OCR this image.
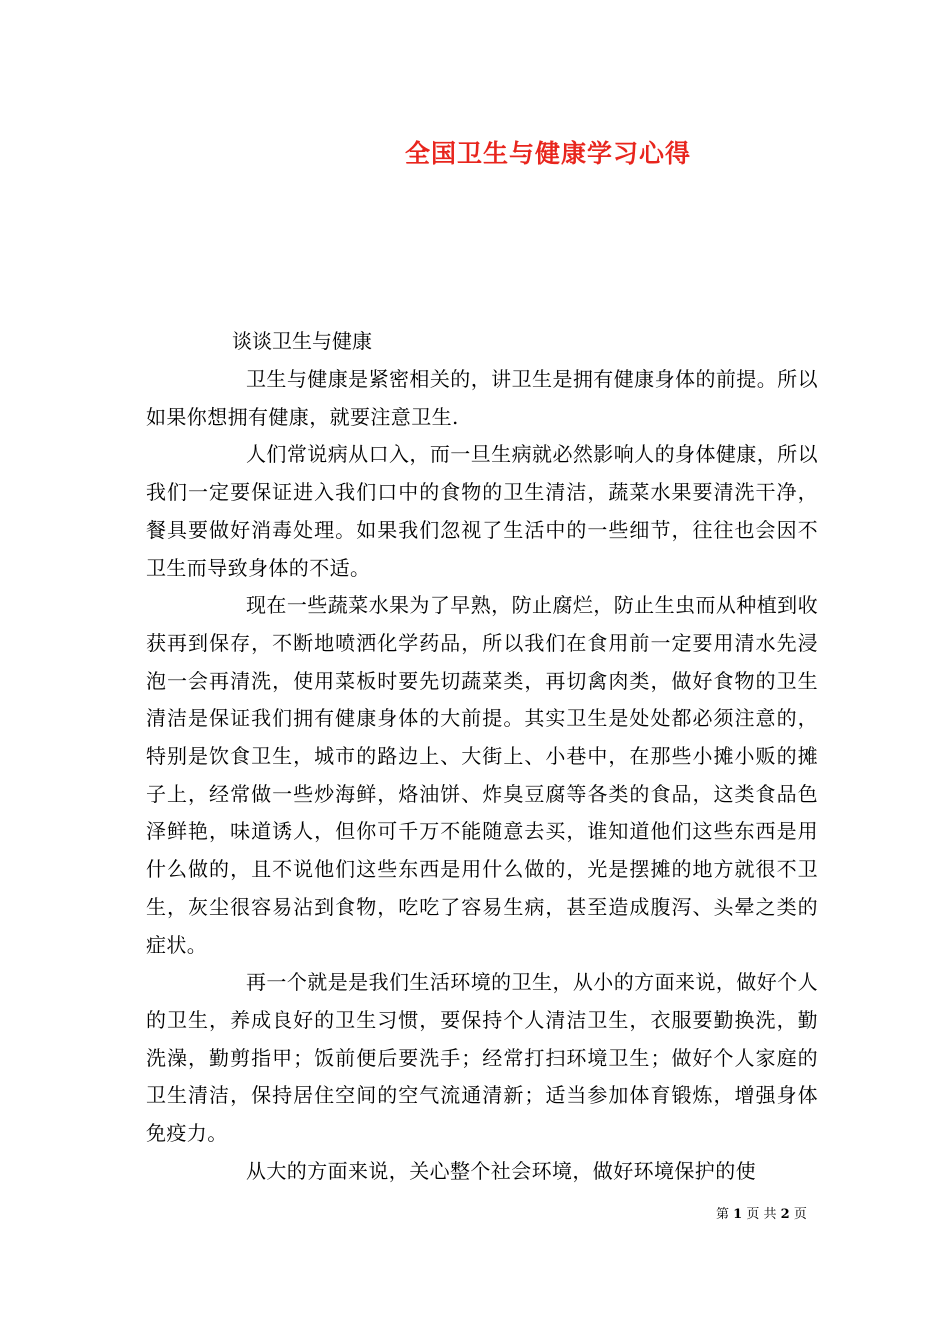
全国卫生与健康学习心得
谈谈卫生与健康

卫生与健康是紧密相关的，讲卫生是拥有健康身体的前提。所以如果你想拥有健康，就要注意卫生.

人们常说病从口入，而一旦生病就必然影响人的身体健康，所以我们一定要保证进入我们口中的食物的卫生清洁，蔬菜水果要清洗干净，餐具要做好消毒处理。如果我们忽视了生活中的一些细节，往往也会因不卫生而导致身体的不适。

现在一些蔬菜水果为了早熟，防止腐烂，防止生虫而从种植到收获再到保存，不断地喷洒化学药品，所以我们在食用前一定要用清水先浸泡一会再清洗，使用菜板时要先切蔬菜类，再切禽肉类，做好食物的卫生清洁是保证我们拥有健康身体的大前提。其实卫生是处处都必须注意的，特别是饮食卫生，城市的路边上、大街上、小巷中，在那些小摊小贩的摊子上，经常做一些炒海鲜，烙油饼、炸臭豆腐等各类的食品，这类食品色泽鲜艳，味道诱人，但你可千万不能随意去买，谁知道他们这些东西是用什么做的，且不说他们这些东西是用什么做的，光是摆摊的地方就很不卫生，灰尘很容易沾到食物，吃吃了容易生病，甚至造成腹泻、头晕之类的症状。

再一个就是是我们生活环境的卫生，从小的方面来说，做好个人的卫生，养成良好的卫生习惯，要保持个人清洁卫生，衣服要勤换洗，勤洗澡，勤剪指甲；饭前便后要洗手；经常打扫环境卫生；做好个人家庭的卫生清洁，保持居住空间的空气流通清新；适当参加体育锻炼，增强身体免疫力。

从大的方面来说，关心整个社会环境，做好环境保护的使

第 1 页 共 2 页
